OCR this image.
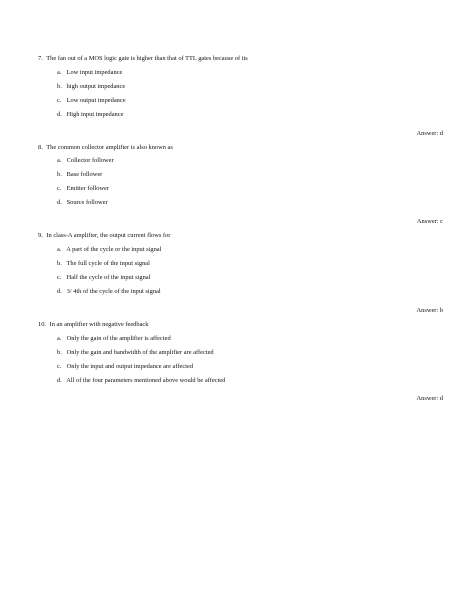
7. The fan out of a MOS logic gate is higher than that of TTL gates because of its
a. Low input impedance
b. high output impedance
c. Low output impedance
d. High input impedance
Answer: d
8. The common collector amplifier is also known as
a. Collector follower
b. Base follower
c. Emitter follower
d. Source follower
Answer: c
9. In class-A amplifier, the output current flows for
a. A part of the cycle or the input signal
b. The full cycle of the input signal
c. Half the cycle of the input signal
d. 3/ 4th of the cycle of the input signal
Answer: b
10. In an amplifier with negative feedback
a. Only the gain of the amplifier is affected
b. Only the gain and bandwidth of the amplifier are affected
c. Only the input and output impedance are affected
d. All of the four parameters mentioned above would be affected
Answer: d
